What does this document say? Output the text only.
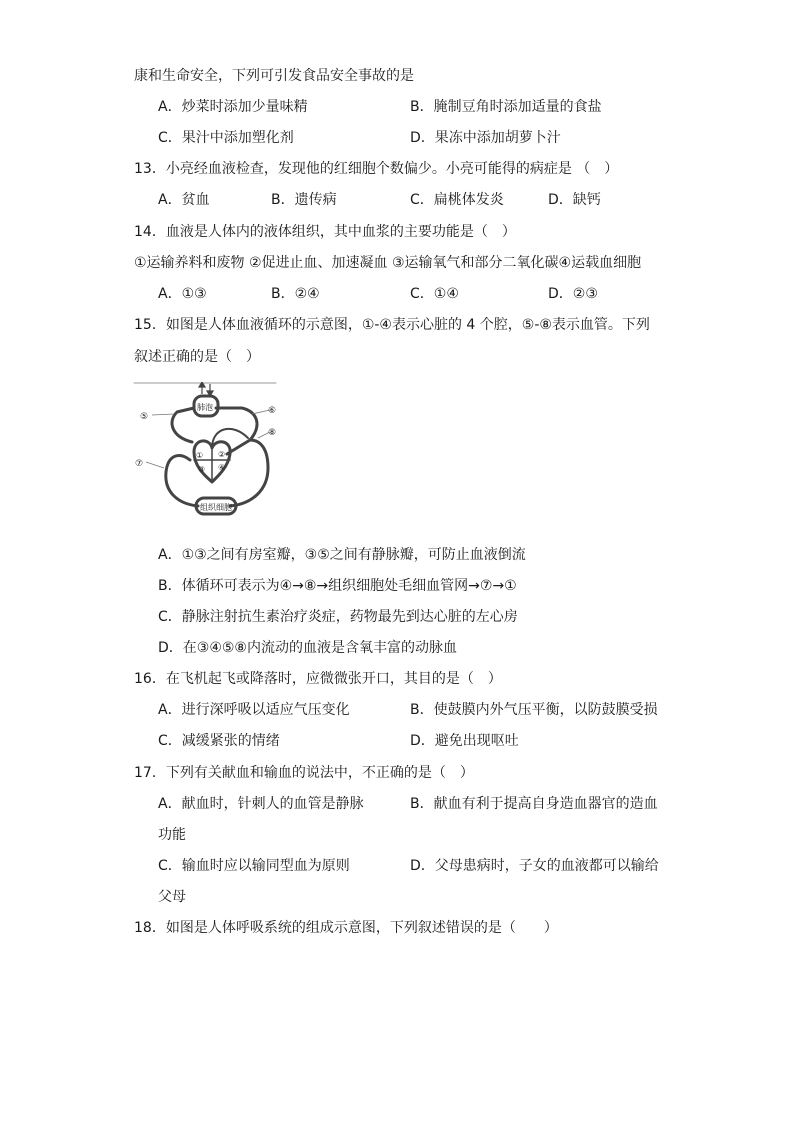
康和生命安全，下列可引发食品安全事故的是
A．炒菜时添加少量味精	B．腌制豆角时添加适量的食盐
C．果汁中添加塑化剂	D．果冻中添加胡萝卜汁
13．小亮经血液检查，发现他的红细胞个数偏少。小亮可能得的病症是 （　）
A．贫血	B．遗传病	C．扁桃体发炎	D．缺钙
14．血液是人体内的液体组织，其中血浆的主要功能是（　）
①运输养料和废物 ②促进止血、加速凝血 ③运输氧气和部分二氧化碳④运载血细胞
A．①③	B．②④	C．①④	D．②③
15．如图是人体血液循环的示意图，①-④表示心脏的 4 个腔，⑤-⑧表示血管。下列
叙述正确的是（　）
⑤
⑥
⑧
⑦
① ②
③ ④
肺泡
组织细胞
A．①③之间有房室瓣，③⑤之间有静脉瓣，可防止血液倒流
B．体循环可表示为④→⑧→组织细胞处毛细血管网→⑦→①
C．静脉注射抗生素治疗炎症，药物最先到达心脏的左心房
D．在③④⑤⑧内流动的血液是含氧丰富的动脉血
16．在飞机起飞或降落时，应微微张开口，其目的是（　）
A．进行深呼吸以适应气压变化	B．使鼓膜内外气压平衡，以防鼓膜受损
C．减缓紧张的情绪	D．避免出现呕吐
17．下列有关献血和输血的说法中，不正确的是（　）
A．献血时，针刺人的血管是静脉	B．献血有利于提高自身造血器官的造血
功能
C．输血时应以输同型血为原则	D．父母患病时，子女的血液都可以输给
父母
18．如图是人体呼吸系统的组成示意图，下列叙述错误的是（　　）
